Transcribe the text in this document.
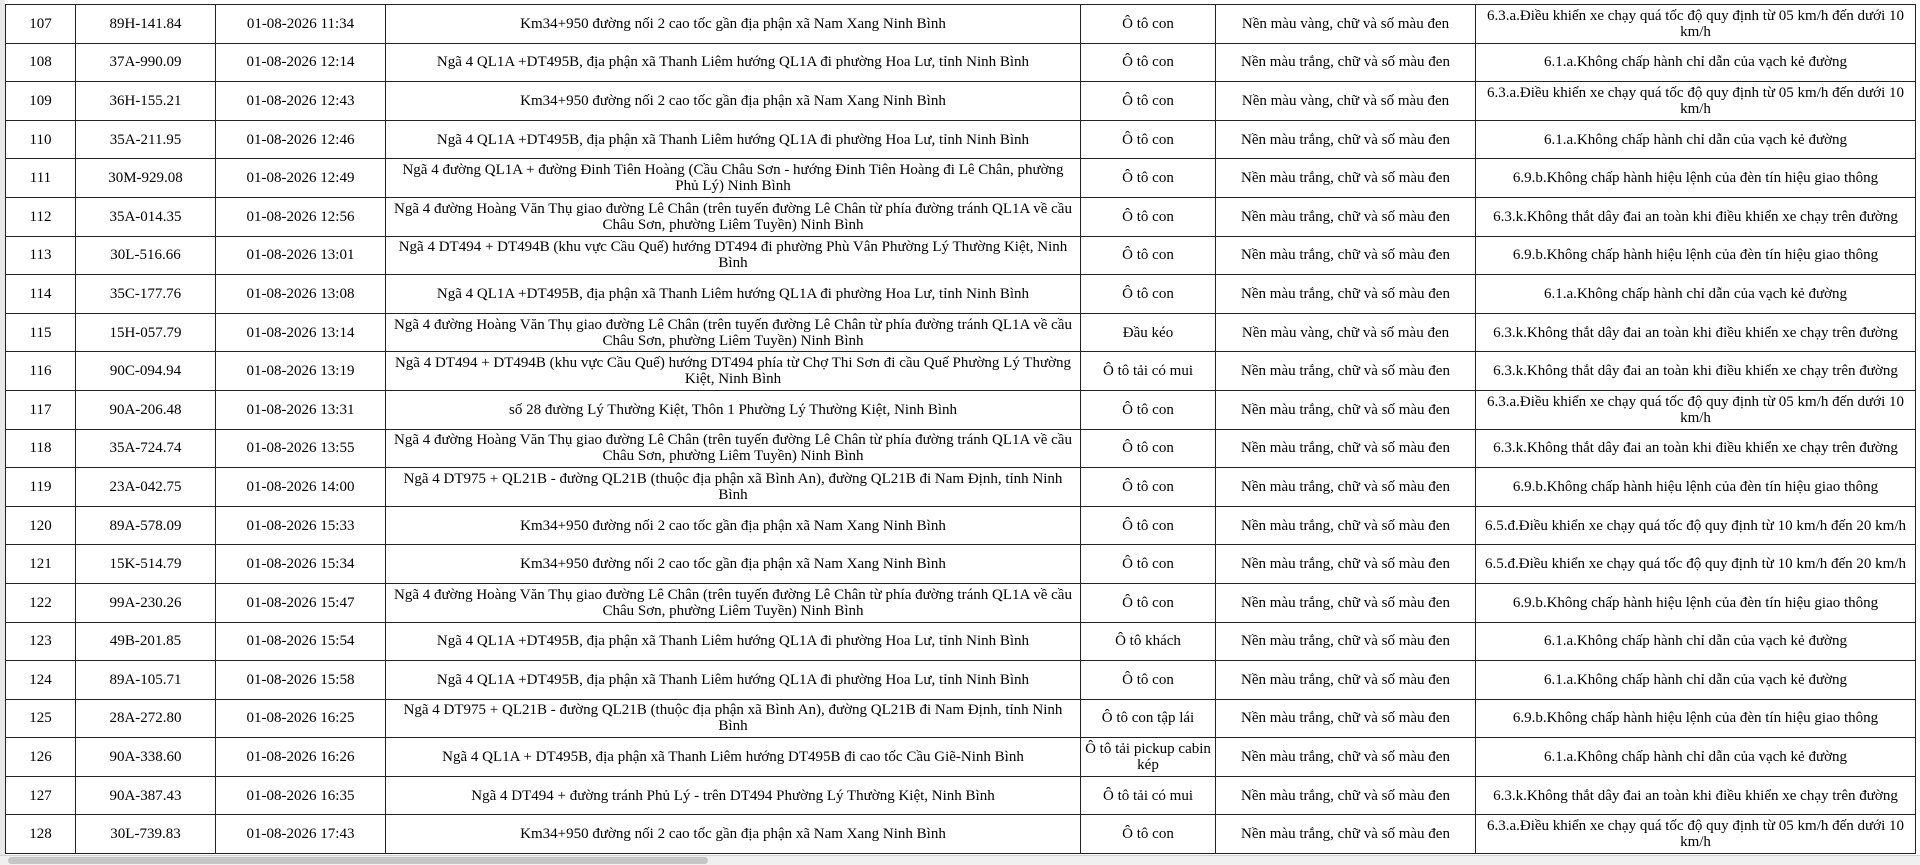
107	89H-141.84	01-08-2026 11:34	Km34+950 đường nối 2 cao tốc gần địa phận xã Nam Xang Ninh Bình	Ô tô con	Nền màu vàng, chữ và số màu đen	6.3.a.Điều khiển xe chạy quá tốc độ quy định từ 05 km/h đến dưới 10 km/h
108	37A-990.09	01-08-2026 12:14	Ngã 4 QL1A +DT495B, địa phận xã Thanh Liêm hướng QL1A đi phường Hoa Lư, tỉnh Ninh Bình	Ô tô con	Nền màu trắng, chữ và số màu đen	6.1.a.Không chấp hành chỉ dẫn của vạch kẻ đường
109	36H-155.21	01-08-2026 12:43	Km34+950 đường nối 2 cao tốc gần địa phận xã Nam Xang Ninh Bình	Ô tô con	Nền màu vàng, chữ và số màu đen	6.3.a.Điều khiển xe chạy quá tốc độ quy định từ 05 km/h đến dưới 10 km/h
110	35A-211.95	01-08-2026 12:46	Ngã 4 QL1A +DT495B, địa phận xã Thanh Liêm hướng QL1A đi phường Hoa Lư, tỉnh Ninh Bình	Ô tô con	Nền màu trắng, chữ và số màu đen	6.1.a.Không chấp hành chỉ dẫn của vạch kẻ đường
111	30M-929.08	01-08-2026 12:49	Ngã 4 đường QL1A + đường Đinh Tiên Hoàng (Cầu Châu Sơn - hướng Đinh Tiên Hoàng đi Lê Chân, phường Phủ Lý) Ninh Bình	Ô tô con	Nền màu trắng, chữ và số màu đen	6.9.b.Không chấp hành hiệu lệnh của đèn tín hiệu giao thông
112	35A-014.35	01-08-2026 12:56	Ngã 4 đường Hoàng Văn Thụ giao đường Lê Chân (trên tuyến đường Lê Chân từ phía đường tránh QL1A về cầu Châu Sơn, phường Liêm Tuyền) Ninh Bình	Ô tô con	Nền màu trắng, chữ và số màu đen	6.3.k.Không thắt dây đai an toàn khi điều khiển xe chạy trên đường
113	30L-516.66	01-08-2026 13:01	Ngã 4 DT494 + DT494B (khu vực Cầu Quế) hướng DT494 đi phường Phù Vân Phường Lý Thường Kiệt, Ninh Bình	Ô tô con	Nền màu trắng, chữ và số màu đen	6.9.b.Không chấp hành hiệu lệnh của đèn tín hiệu giao thông
114	35C-177.76	01-08-2026 13:08	Ngã 4 QL1A +DT495B, địa phận xã Thanh Liêm hướng QL1A đi phường Hoa Lư, tỉnh Ninh Bình	Ô tô con	Nền màu trắng, chữ và số màu đen	6.1.a.Không chấp hành chỉ dẫn của vạch kẻ đường
115	15H-057.79	01-08-2026 13:14	Ngã 4 đường Hoàng Văn Thụ giao đường Lê Chân (trên tuyến đường Lê Chân từ phía đường tránh QL1A về cầu Châu Sơn, phường Liêm Tuyền) Ninh Bình	Đầu kéo	Nền màu vàng, chữ và số màu đen	6.3.k.Không thắt dây đai an toàn khi điều khiển xe chạy trên đường
116	90C-094.94	01-08-2026 13:19	Ngã 4 DT494 + DT494B (khu vực Cầu Quế) hướng DT494 phía từ Chợ Thi Sơn đi cầu Quế Phường Lý Thường Kiệt, Ninh Bình	Ô tô tải có mui	Nền màu trắng, chữ và số màu đen	6.3.k.Không thắt dây đai an toàn khi điều khiển xe chạy trên đường
117	90A-206.48	01-08-2026 13:31	số 28 đường Lý Thường Kiệt, Thôn 1 Phường Lý Thường Kiệt, Ninh Bình	Ô tô con	Nền màu trắng, chữ và số màu đen	6.3.a.Điều khiển xe chạy quá tốc độ quy định từ 05 km/h đến dưới 10 km/h
118	35A-724.74	01-08-2026 13:55	Ngã 4 đường Hoàng Văn Thụ giao đường Lê Chân (trên tuyến đường Lê Chân từ phía đường tránh QL1A về cầu Châu Sơn, phường Liêm Tuyền) Ninh Bình	Ô tô con	Nền màu trắng, chữ và số màu đen	6.3.k.Không thắt dây đai an toàn khi điều khiển xe chạy trên đường
119	23A-042.75	01-08-2026 14:00	Ngã 4 DT975 + QL21B - đường QL21B (thuộc địa phận xã Bình An), đường QL21B đi Nam Định, tỉnh Ninh Bình	Ô tô con	Nền màu trắng, chữ và số màu đen	6.9.b.Không chấp hành hiệu lệnh của đèn tín hiệu giao thông
120	89A-578.09	01-08-2026 15:33	Km34+950 đường nối 2 cao tốc gần địa phận xã Nam Xang Ninh Bình	Ô tô con	Nền màu trắng, chữ và số màu đen	6.5.đ.Điều khiển xe chạy quá tốc độ quy định từ 10 km/h đến 20 km/h
121	15K-514.79	01-08-2026 15:34	Km34+950 đường nối 2 cao tốc gần địa phận xã Nam Xang Ninh Bình	Ô tô con	Nền màu trắng, chữ và số màu đen	6.5.đ.Điều khiển xe chạy quá tốc độ quy định từ 10 km/h đến 20 km/h
122	99A-230.26	01-08-2026 15:47	Ngã 4 đường Hoàng Văn Thụ giao đường Lê Chân (trên tuyến đường Lê Chân từ phía đường tránh QL1A về cầu Châu Sơn, phường Liêm Tuyền) Ninh Bình	Ô tô con	Nền màu trắng, chữ và số màu đen	6.9.b.Không chấp hành hiệu lệnh của đèn tín hiệu giao thông
123	49B-201.85	01-08-2026 15:54	Ngã 4 QL1A +DT495B, địa phận xã Thanh Liêm hướng QL1A đi phường Hoa Lư, tỉnh Ninh Bình	Ô tô khách	Nền màu trắng, chữ và số màu đen	6.1.a.Không chấp hành chỉ dẫn của vạch kẻ đường
124	89A-105.71	01-08-2026 15:58	Ngã 4 QL1A +DT495B, địa phận xã Thanh Liêm hướng QL1A đi phường Hoa Lư, tỉnh Ninh Bình	Ô tô con	Nền màu trắng, chữ và số màu đen	6.1.a.Không chấp hành chỉ dẫn của vạch kẻ đường
125	28A-272.80	01-08-2026 16:25	Ngã 4 DT975 + QL21B - đường QL21B (thuộc địa phận xã Bình An), đường QL21B đi Nam Định, tỉnh Ninh Bình	Ô tô con tập lái	Nền màu trắng, chữ và số màu đen	6.9.b.Không chấp hành hiệu lệnh của đèn tín hiệu giao thông
126	90A-338.60	01-08-2026 16:26	Ngã 4 QL1A + DT495B, địa phận xã Thanh Liêm hướng DT495B đi cao tốc Cầu Giẽ-Ninh Bình	Ô tô tải pickup cabin kép	Nền màu trắng, chữ và số màu đen	6.1.a.Không chấp hành chỉ dẫn của vạch kẻ đường
127	90A-387.43	01-08-2026 16:35	Ngã 4 DT494 + đường tránh Phủ Lý - trên DT494 Phường Lý Thường Kiệt, Ninh Bình	Ô tô tải có mui	Nền màu trắng, chữ và số màu đen	6.3.k.Không thắt dây đai an toàn khi điều khiển xe chạy trên đường
128	30L-739.83	01-08-2026 17:43	Km34+950 đường nối 2 cao tốc gần địa phận xã Nam Xang Ninh Bình	Ô tô con	Nền màu trắng, chữ và số màu đen	6.3.a.Điều khiển xe chạy quá tốc độ quy định từ 05 km/h đến dưới 10 km/h
